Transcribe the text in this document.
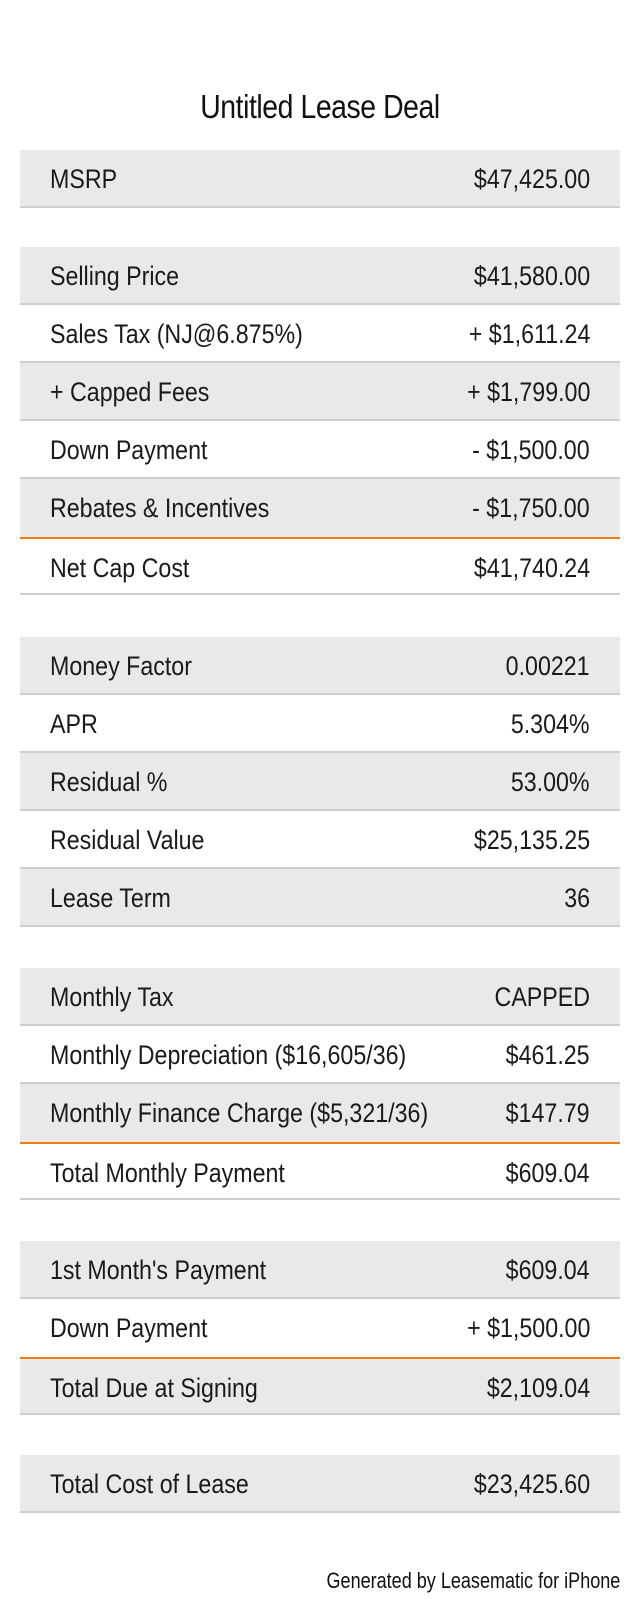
Untitled Lease Deal
MSRP	$47,425.00
Selling Price	$41,580.00
Sales Tax (NJ@6.875%)	+ $1,611.24
+ Capped Fees	+ $1,799.00
Down Payment	- $1,500.00
Rebates & Incentives	- $1,750.00
Net Cap Cost	$41,740.24
Money Factor	0.00221
APR	5.304%
Residual %	53.00%
Residual Value	$25,135.25
Lease Term	36
Monthly Tax	CAPPED
Monthly Depreciation ($16,605/36)	$461.25
Monthly Finance Charge ($5,321/36)	$147.79
Total Monthly Payment	$609.04
1st Month's Payment	$609.04
Down Payment	+ $1,500.00
Total Due at Signing	$2,109.04
Total Cost of Lease	$23,425.60
Generated by Leasematic for iPhone
